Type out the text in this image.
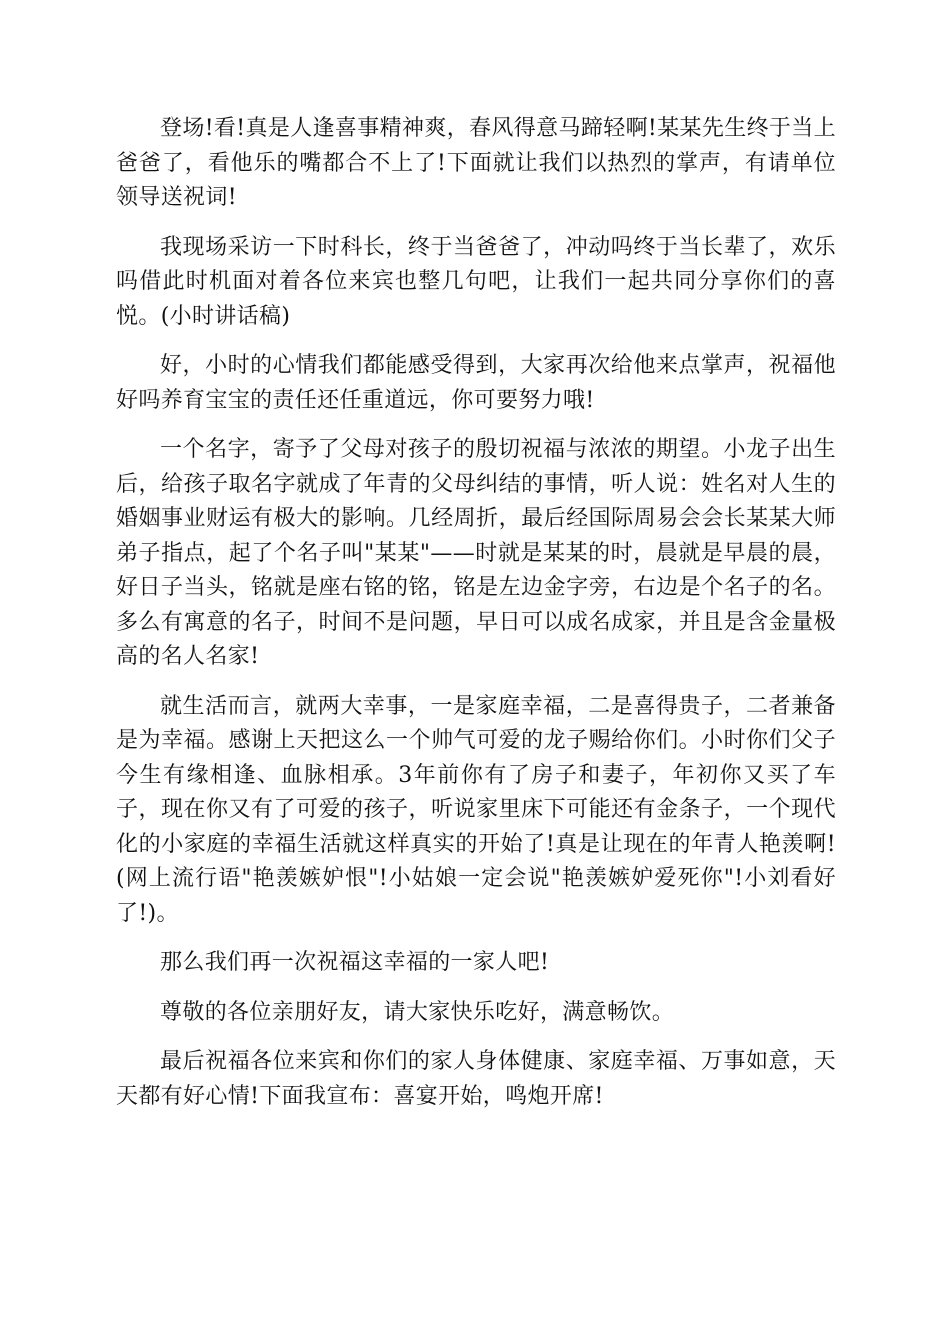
登场!看!真是人逢喜事精神爽，春风得意马蹄轻啊!某某先生终于当上爸爸了，看他乐的嘴都合不上了!下面就让我们以热烈的掌声，有请单位领导送祝词!

我现场采访一下时科长，终于当爸爸了，冲动吗终于当长辈了，欢乐吗借此时机面对着各位来宾也整几句吧，让我们一起共同分享你们的喜悦。(小时讲话稿)

好，小时的心情我们都能感受得到，大家再次给他来点掌声，祝福他好吗养育宝宝的责任还任重道远，你可要努力哦!

一个名字，寄予了父母对孩子的殷切祝福与浓浓的期望。小龙子出生后，给孩子取名字就成了年青的父母纠结的事情，听人说：姓名对人生的婚姻事业财运有极大的影响。几经周折，最后经国际周易会会长某某大师弟子指点，起了个名子叫"某某"——时就是某某的时，晨就是早晨的晨，好日子当头，铭就是座右铭的铭，铭是左边金字旁，右边是个名子的名。多么有寓意的名子，时间不是问题，早日可以成名成家，并且是含金量极高的名人名家!

就生活而言，就两大幸事，一是家庭幸福，二是喜得贵子，二者兼备是为幸福。感谢上天把这么一个帅气可爱的龙子赐给你们。小时你们父子今生有缘相逢、血脉相承。3年前你有了房子和妻子，年初你又买了车子，现在你又有了可爱的孩子，听说家里床下可能还有金条子，一个现代化的小家庭的幸福生活就这样真实的开始了!真是让现在的年青人艳羡啊!(网上流行语"艳羡嫉妒恨"!小姑娘一定会说"艳羡嫉妒爱死你"!小刘看好了!)。

那么我们再一次祝福这幸福的一家人吧!

尊敬的各位亲朋好友，请大家快乐吃好，满意畅饮。

最后祝福各位来宾和你们的家人身体健康、家庭幸福、万事如意，天天都有好心情!下面我宣布：喜宴开始，鸣炮开席!
